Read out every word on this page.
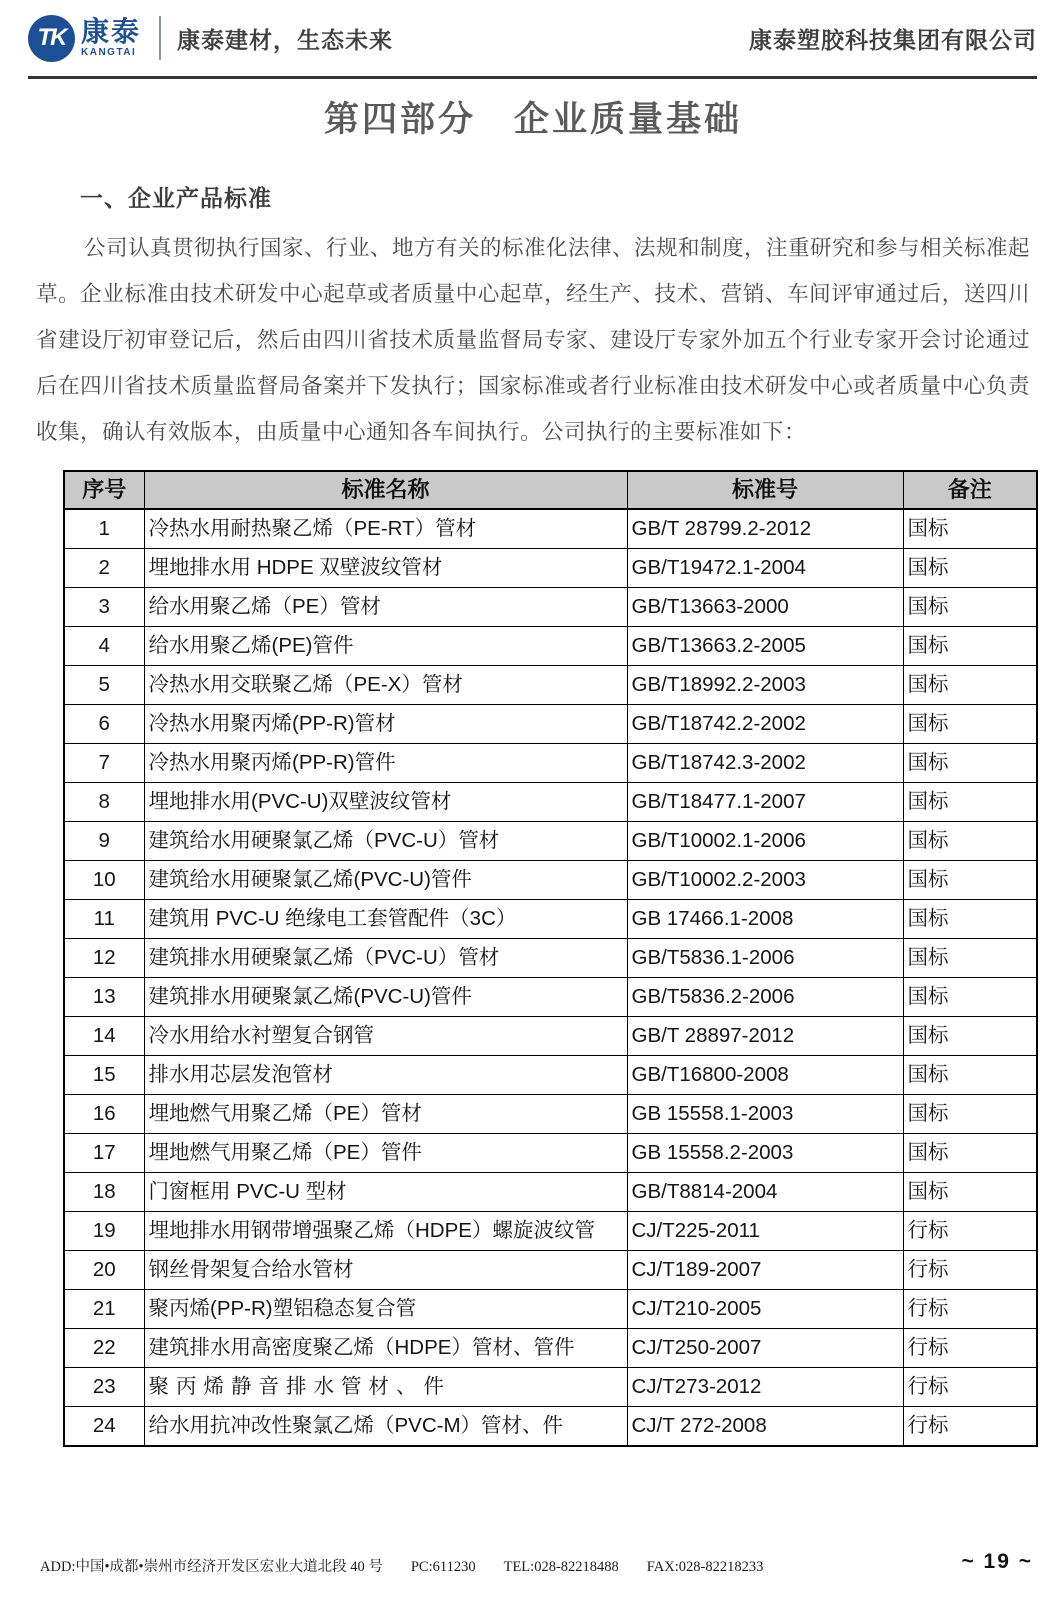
TK 康泰
KANGTAI 康泰建材，生态未来	康泰塑胶科技集团有限公司
第四部分　企业质量基础
一、企业产品标准

公司认真贯彻执行国家、行业、地方有关的标准化法律、法规和制度，注重研究和参与相关标准起草。企业标准由技术研发中心起草或者质量中心起草，经生产、技术、营销、车间评审通过后，送四川省建设厅初审登记后，然后由四川省技术质量监督局专家、建设厅专家外加五个行业专家开会讨论通过后在四川省技术质量监督局备案并下发执行；国家标准或者行业标准由技术研发中心或者质量中心负责收集，确认有效版本，由质量中心通知各车间执行。公司执行的主要标准如下：

序号	标准名称	标准号	备注
1	冷热水用耐热聚乙烯（PE-RT）管材	GB/T 28799.2-2012	国标
2	埋地排水用 HDPE 双壁波纹管材	GB/T19472.1-2004	国标
3	给水用聚乙烯（PE）管材	GB/T13663-2000	国标
4	给水用聚乙烯(PE)管件	GB/T13663.2-2005	国标
5	冷热水用交联聚乙烯（PE-X）管材	GB/T18992.2-2003	国标
6	冷热水用聚丙烯(PP-R)管材	GB/T18742.2-2002	国标
7	冷热水用聚丙烯(PP-R)管件	GB/T18742.3-2002	国标
8	埋地排水用(PVC-U)双壁波纹管材	GB/T18477.1-2007	国标
9	建筑给水用硬聚氯乙烯（PVC-U）管材	GB/T10002.1-2006	国标
10	建筑给水用硬聚氯乙烯(PVC-U)管件	GB/T10002.2-2003	国标
11	建筑用 PVC-U 绝缘电工套管配件（3C）	GB 17466.1-2008	国标
12	建筑排水用硬聚氯乙烯（PVC-U）管材	GB/T5836.1-2006	国标
13	建筑排水用硬聚氯乙烯(PVC-U)管件	GB/T5836.2-2006	国标
14	冷水用给水衬塑复合钢管	GB/T 28897-2012	国标
15	排水用芯层发泡管材	GB/T16800-2008	国标
16	埋地燃气用聚乙烯（PE）管材	GB 15558.1-2003	国标
17	埋地燃气用聚乙烯（PE）管件	GB 15558.2-2003	国标
18	门窗框用 PVC-U 型材	GB/T8814-2004	国标
19	埋地排水用钢带增强聚乙烯（HDPE）螺旋波纹管	CJ/T225-2011	行标
20	钢丝骨架复合给水管材	CJ/T189-2007	行标
21	聚丙烯(PP-R)塑铝稳态复合管	CJ/T210-2005	行标
22	建筑排水用高密度聚乙烯（HDPE）管材、管件	CJ/T250-2007	行标
23	聚丙烯静音排水管材、件	CJ/T273-2012	行标
24	给水用抗冲改性聚氯乙烯（PVC-M）管材、件	CJ/T 272-2008	行标
ADD:中国•成都•崇州市经济开发区宏业大道北段 40 号 PC:611230 TEL:028-82218488 FAX:028-82218233	~ 19 ~
